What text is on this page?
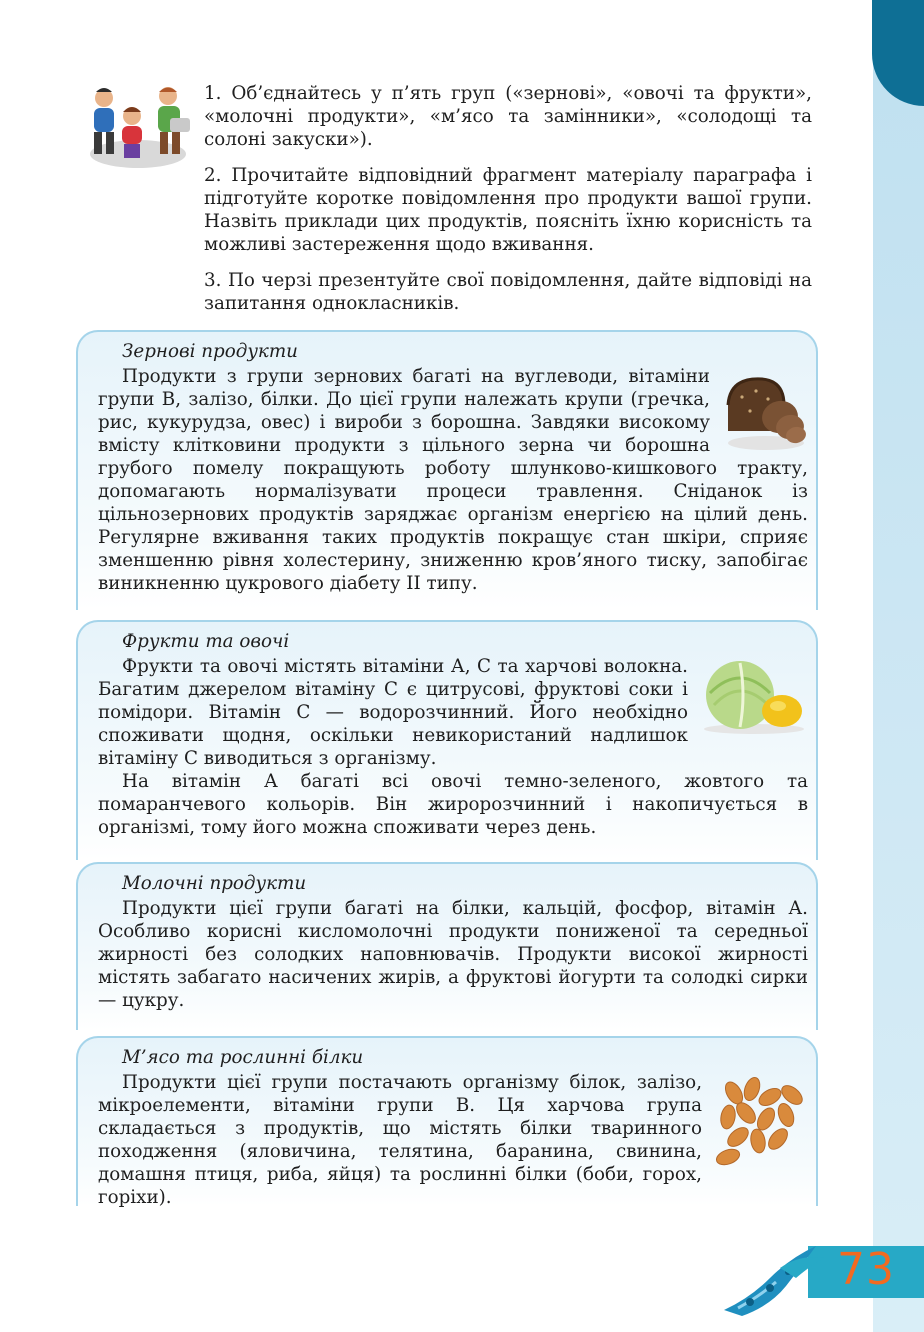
1. Об’єднайтесь у п’ять груп («зернові», «овочі та фрукти», «молочні продукти», «м’ясо та замінники», «солодощі та солоні закуски»).

2. Прочитайте відповідний фрагмент матеріалу параграфа і підготуйте коротке повідомлення про продукти вашої групи. Назвіть приклади цих продуктів, поясніть їхню корисність та можливі застереження щодо вживання.

3. По черзі презентуйте свої повідомлення, дайте відповіді на запитання однокласників.

Зернові продукти

Продукти з групи зернових багаті на вуглеводи, вітаміни групи В, залізо, білки. До цієї групи належать крупи (гречка, рис, кукурудза, овес) і вироби з борошна. Завдяки високому вмісту клітковини продукти з цільного зерна чи борошна грубого помелу покращують роботу шлунково-кишкового тракту, допомагають нормалізувати процеси травлення. Сніданок із цільнозернових продуктів заряджає організм енергією на цілий день. Регулярне вживання таких продуктів покращує стан шкіри, сприяє зменшенню рівня холестерину, зниженню кров’яного тиску, запобігає виникненню цукрового діабету ІІ типу.

Фрукти та овочі

Фрукти та овочі містять вітаміни А, С та харчові волокна. Багатим джерелом вітаміну С є цитрусові, фруктові соки і помідори. Вітамін С — водорозчинний. Його необхідно споживати щодня, оскільки невикористаний надлишок вітаміну С виводиться з організму.

На вітамін А багаті всі овочі темно-зеленого, жовтого та помаранчевого кольорів. Він жиророзчинний і накопичується в організмі, тому його можна споживати через день.

Молочні продукти

Продукти цієї групи багаті на білки, кальцій, фосфор, вітамін А. Особливо корисні кисломолочні продукти пониженої та середньої жирності без солодких наповнювачів. Продукти високої жирності містять забагато насичених жирів, а фруктові йогурти та солодкі сирки — цукру.

М’ясо та рослинні білки

Продукти цієї групи постачають організму білок, залізо, мікроелементи, вітаміни групи В. Ця харчова група складається з продуктів, що містять білки тваринного походження (яловичина, телятина, баранина, свинина, домашня птиця, риба, яйця) та рослинні білки (боби, горох, горіхи).

73
